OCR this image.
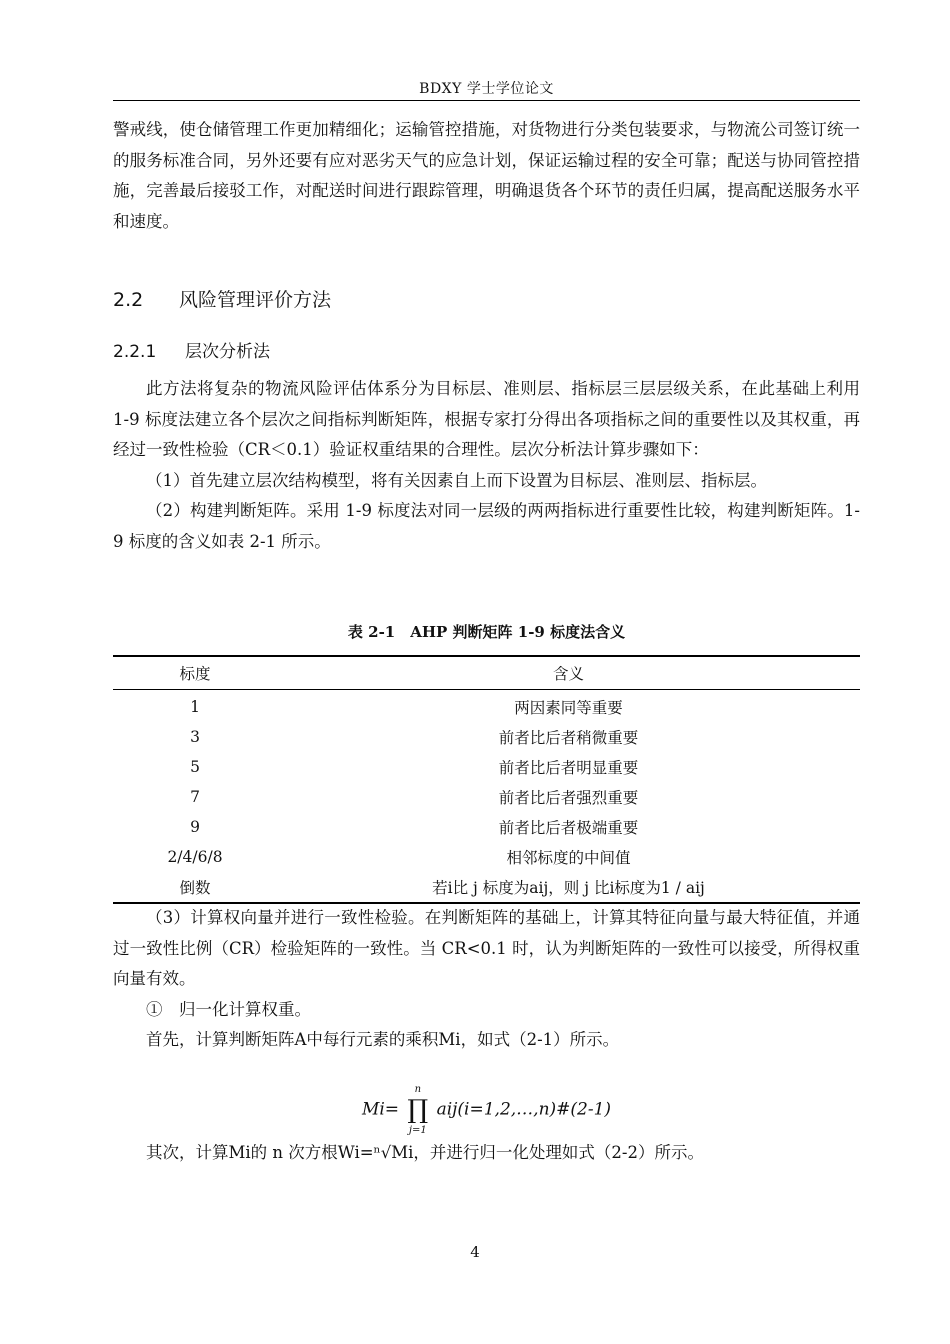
BDXY 学士学位论文

警戒线，使仓储管理工作更加精细化；运输管控措施，对货物进行分类包装要求，与物流公司签订统一的服务标准合同，另外还要有应对恶劣天气的应急计划，保证运输过程的安全可靠；配送与协同管控措施，完善最后接驳工作，对配送时间进行跟踪管理，明确退货各个环节的责任归属，提高配送服务水平和速度。

2.2 风险管理评价方法
2.2.1 层次分析法

此方法将复杂的物流风险评估体系分为目标层、准则层、指标层三层层级关系，在此基础上利用 1-9 标度法建立各个层次之间指标判断矩阵，根据专家打分得出各项指标之间的重要性以及其权重，再经过一致性检验（CR＜0.1）验证权重结果的合理性。层次分析法计算步骤如下：

（1）首先建立层次结构模型，将有关因素自上而下设置为目标层、准则层、指标层。

（2）构建判断矩阵。采用 1-9 标度法对同一层级的两两指标进行重要性比较，构建判断矩阵。1-9 标度的含义如表 2-1 所示。

表 2-1　AHP 判断矩阵 1-9 标度法含义
标度	含义
1	两因素同等重要
3	前者比后者稍微重要
5	前者比后者明显重要
7	前者比后者强烈重要
9	前者比后者极端重要
2/4/6/8	相邻标度的中间值
倒数	若i比 j 标度为aij，则 j 比i标度为1 / aij

（3）计算权向量并进行一致性检验。在判断矩阵的基础上，计算其特征向量与最大特征值，并通过一致性比例（CR）检验矩阵的一致性。当 CR<0.1 时，认为判断矩阵的一致性可以接受，所得权重向量有效。

①　归一化计算权重。

首先，计算判断矩阵A中每行元素的乘积Mi，如式（2-1）所示。

Mi=
n
∏
j=1
aij(i=1,2,…,n)#(2-1)

其次，计算Mi的 n 次方根Wi=ⁿ√Mi，并进行归一化处理如式（2-2）所示。

4
